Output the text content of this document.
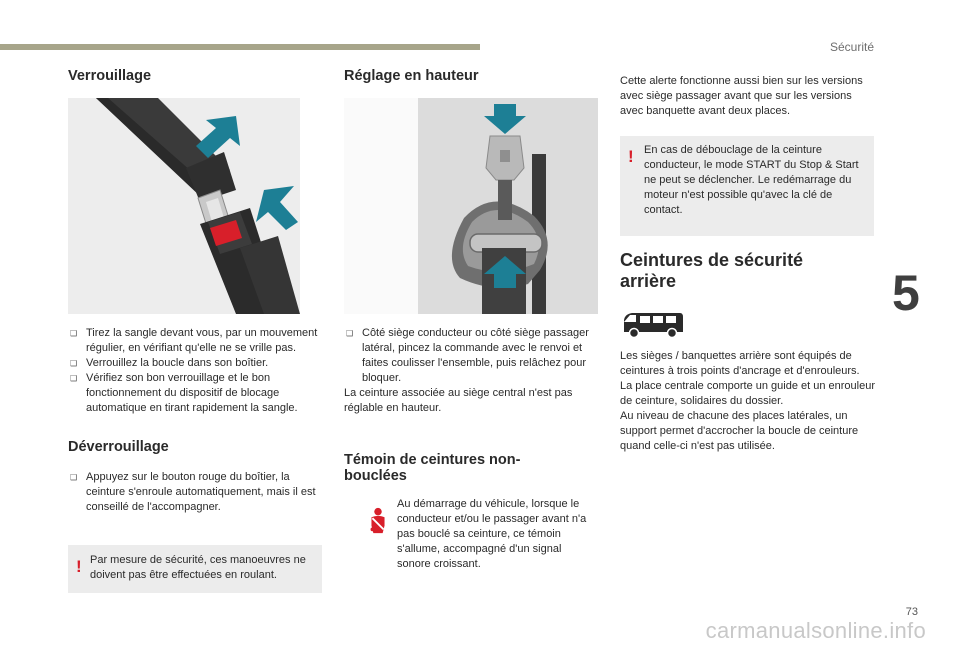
Sécurité
5
73
carmanualsonline.info
Verrouillage
❑ Tirez la sangle devant vous, par un mouvement régulier, en vérifiant qu'elle ne se vrille pas.
❑ Verrouillez la boucle dans son boîtier.
❑ Vérifiez son bon verrouillage et le bon fonctionnement du dispositif de blocage automatique en tirant rapidement la sangle.
Déverrouillage
❑ Appuyez sur le bouton rouge du boîtier, la ceinture s'enroule automatiquement, mais il est conseillé de l'accompagner.
! Par mesure de sécurité, ces manoeuvres ne doivent pas être effectuées en roulant.
Réglage en hauteur
❑ Côté siège conducteur ou côté siège passager latéral, pincez la commande avec le renvoi et faites coulisser l'ensemble, puis relâchez pour bloquer.

La ceinture associée au siège central n'est pas réglable en hauteur.

Témoin de ceintures non-bouclées

Au démarrage du véhicule, lorsque le conducteur et/ou le passager avant n'a pas bouclé sa ceinture, ce témoin s'allume, accompagné d'un signal sonore croissant.

Cette alerte fonctionne aussi bien sur les versions avec siège passager avant que sur les versions avec banquette avant deux places.

! En cas de débouclage de la ceinture conducteur, le mode START du Stop & Start ne peut se déclencher. Le redémarrage du moteur n'est possible qu'avec la clé de contact.
Ceintures de sécurité arrière

Les sièges / banquettes arrière sont équipés de ceintures à trois points d'ancrage et d'enrouleurs.

La place centrale comporte un guide et un enrouleur de ceinture, solidaires du dossier.

Au niveau de chacune des places latérales, un support permet d'accrocher la boucle de ceinture quand celle-ci n'est pas utilisée.
